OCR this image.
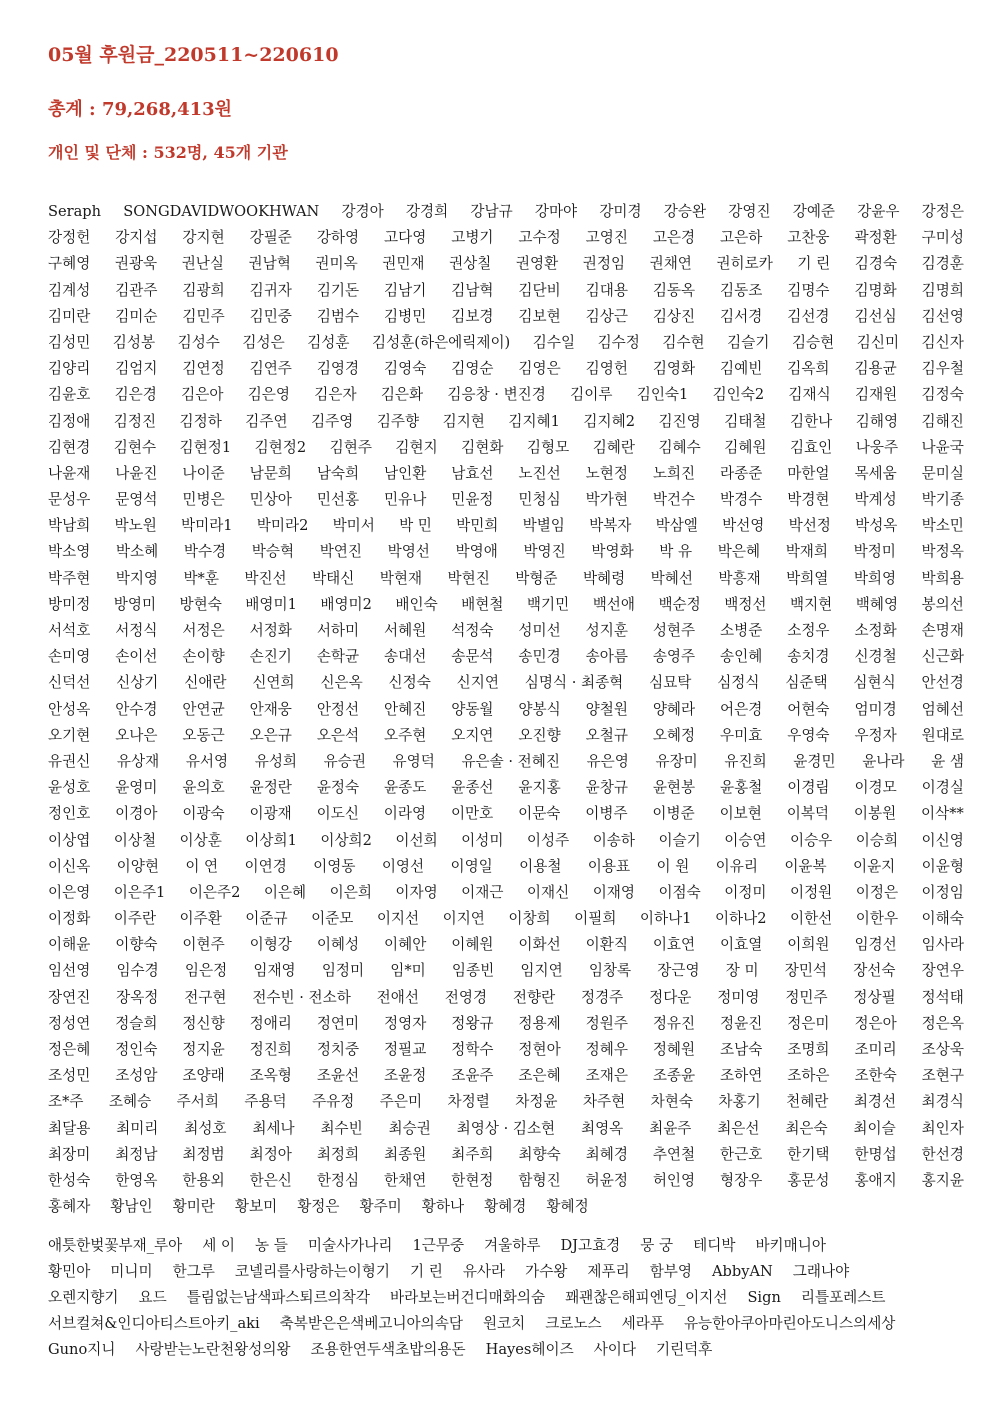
05월 후원금_220511~220610
총계 : 79,268,413원
개인 및 단체 : 532명, 45개 기관
Seraph SONGDAVIDWOOKHWAN 강경아 강경희 강남규 강마야 강미경 강승완 강영진 강예준 강윤우 강정은
강정헌 강지섭 강지현 강필준 강하영 고다영 고병기 고수정 고영진 고은경 고은하 고찬웅 곽정환 구미성
구혜영 권광욱 권난실 권남혁 권미옥 권민재 권상칠 권영환 권정임 권채연 권히로카 기 린 김경숙 김경훈
김계성 김관주 김광희 김귀자 김기돈 김남기 김남혁 김단비 김대용 김동옥 김동조 김명수 김명화 김명희
김미란 김미순 김민주 김민중 김범수 김병민 김보경 김보현 김상근 김상진 김서경 김선경 김선심 김선영
김성민 김성봉 김성수 김성은 김성훈 김성훈(하은에릭제이) 김수일 김수정 김수현 김슬기 김승현 김신미 김신자
김양리 김엄지 김연정 김연주 김영경 김영숙 김영순 김영은 김영헌 김영화 김예빈 김옥희 김용균 김우철
김윤호 김은경 김은아 김은영 김은자 김은화 김응창 · 변진경 김이루 김인숙1 김인숙2 김재식 김재원 김정숙
김정애 김정진 김정하 김주연 김주영 김주향 김지현 김지혜1 김지혜2 김진영 김태철 김한나 김해영 김해진
김현경 김현수 김현정1 김현정2 김현주 김현지 김현화 김형모 김혜란 김혜수 김혜원 김효인 나웅주 나윤국
나윤재 나윤진 나이준 남문희 남숙희 남인환 남효선 노진선 노현정 노희진 라종준 마한얼 목세움 문미실
문성우 문영석 민병은 민상아 민선홍 민유나 민윤정 민청심 박가현 박건수 박경수 박경현 박계성 박기종
박남희 박노원 박미라1 박미라2 박미서 박 민 박민희 박별임 박복자 박삼엘 박선영 박선정 박성옥 박소민
박소영 박소혜 박수경 박승혁 박연진 박영선 박영애 박영진 박영화 박 유 박은혜 박재희 박정미 박정옥
박주현 박지영 박*훈 박진선 박태신 박현재 박현진 박형준 박혜령 박혜선 박흥재 박희열 박희영 박희용
방미정 방영미 방현숙 배영미1 배영미2 배인숙 배현철 백기민 백선애 백순정 백정선 백지현 백혜영 봉의선
서석호 서정식 서정은 서정화 서하미 서혜원 석정숙 성미선 성지훈 성현주 소병준 소정우 소정화 손명재
손미영 손이선 손이향 손진기 손학균 송대선 송문석 송민경 송아름 송영주 송인혜 송치경 신경철 신근화
신덕선 신상기 신애란 신연희 신은옥 신정숙 신지연 심명식 · 최종혁 심묘탁 심정식 심준택 심현식 안선경
안성옥 안수경 안연균 안재웅 안정선 안혜진 양동월 양봉식 양철원 양혜라 어은경 어현숙 엄미경 엄혜선
오기현 오나은 오동근 오은규 오은석 오주현 오지연 오진향 오철규 오혜정 우미효 우영숙 우정자 원대로
유권신 유상재 유서영 유성희 유승권 유영덕 유은솔 · 전혜진 유은영 유장미 유진희 윤경민 윤나라 윤 샘
윤성호 윤영미 윤의호 윤정란 윤정숙 윤종도 윤종선 윤지홍 윤창규 윤현봉 윤홍철 이경림 이경모 이경실
정인호 이경아 이광숙 이광재 이도신 이라영 이만호 이문숙 이병주 이병준 이보현 이복덕 이봉원 이삭**
이상엽 이상철 이상훈 이상희1 이상희2 이선희 이성미 이성주 이송하 이슬기 이승연 이승우 이승희 이신영
이신옥 이양현 이 연 이연경 이영동 이영선 이영일 이용철 이용표 이 원 이유리 이윤복 이윤지 이윤형
이은영 이은주1 이은주2 이은혜 이은희 이자영 이재근 이재신 이재영 이점숙 이정미 이정원 이정은 이정임
이정화 이주란 이주환 이준규 이준모 이지선 이지연 이창희 이필희 이하나1 이하나2 이한선 이한우 이해숙
이해윤 이향숙 이현주 이형강 이혜성 이혜안 이혜원 이화선 이환직 이효연 이효열 이희원 임경선 임사라
임선영 임수경 임은정 임재영 임정미 임*미 임종빈 임지연 임창록 장근영 장 미 장민석 장선숙 장연우
장연진 장옥정 전구현 전수빈 · 전소하 전애선 전영경 전향란 정경주 정다운 정미영 정민주 정상필 정석태
정성연 정슬희 정신향 정애리 정연미 정영자 정왕규 정용제 정원주 정유진 정윤진 정은미 정은아 정은옥
정은혜 정인숙 정지윤 정진희 정치중 정필교 정학수 정현아 정혜우 정혜원 조남숙 조명희 조미리 조상욱
조성민 조성암 조양래 조옥형 조윤선 조윤정 조윤주 조은혜 조재은 조종윤 조하연 조하은 조한숙 조현구
조*주 조혜승 주서희 주용덕 주유정 주은미 차정렬 차정윤 차주현 차현숙 차홍기 천혜란 최경선 최경식
최달용 최미리 최성호 최세나 최수빈 최승권 최영상 · 김소현 최영옥 최윤주 최은선 최은숙 최이슬 최인자
최장미 최정남 최정범 최정아 최정희 최종원 최주희 최향숙 최혜경 추연철 한근호 한기택 한명섭 한선경
한성숙 한영옥 한용외 한은신 한정심 한채연 한현정 함형진 허윤정 허인영 형장우 홍문성 홍애지 홍지윤
홍혜자 황남인 황미란 황보미 황정은 황주미 황하나 황혜경 황혜정
애틋한벚꽃부재_루아 세 이 농 들 미술사가나리 1근무중 겨울하루 DJ고효경 뭉 궁 테디박 바키매니아
황민아 미니미 한그루 코넬리를사랑하는이형기 기 린 유사라 가수왕 제푸리 함부영 AbbyAN 그래나야
오렌지향기 요드 틀림없는남색파스퇴르의착각 바라보는버건디매화의숨 꽤괜찮은해피엔딩_이지선 Sign 리틀포레스트
서브컬쳐&인디아티스트아키_aki 축복받은은색베고니아의속담 원코치 크로노스 세라푸 유능한아쿠아마린아도니스의세상
Guno지니 사랑받는노란천왕성의왕 조용한연두색초밥의용돈 Hayes헤이즈 사이다 기린덕후
